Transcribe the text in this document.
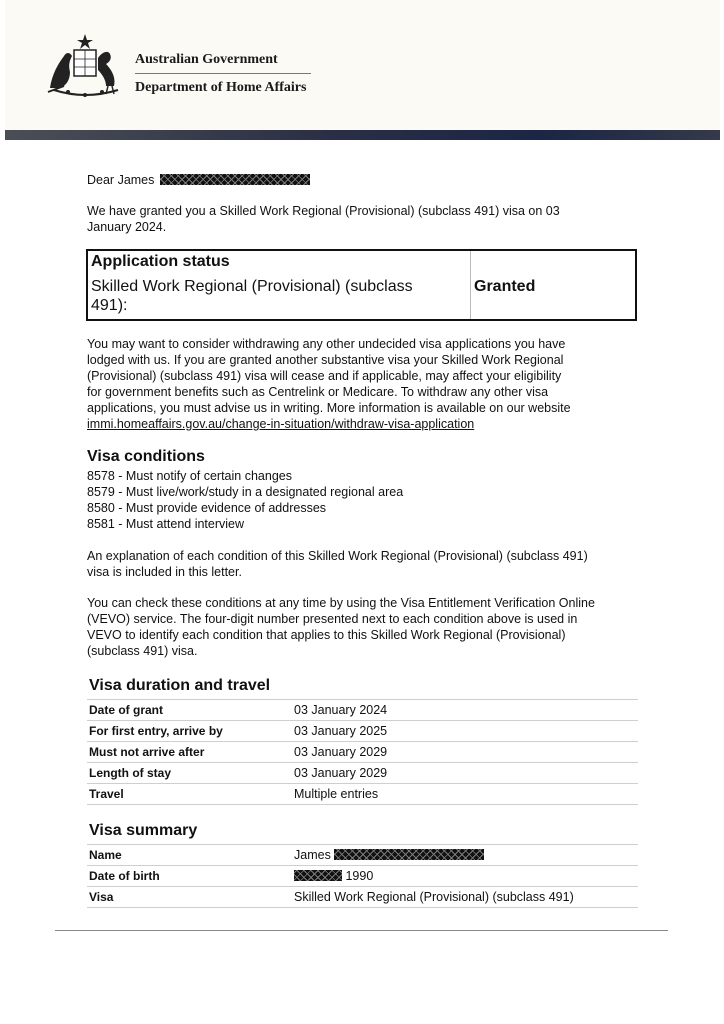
Australian Government
Department of Home Affairs
Dear James
We have granted you a Skilled Work Regional (Provisional) (subclass 491) visa on 03
January 2024.
Application status
Skilled Work Regional (Provisional) (subclass 491):
Granted
You may want to consider withdrawing any other undecided visa applications you have
lodged with us. If you are granted another substantive visa your Skilled Work Regional
(Provisional) (subclass 491) visa will cease and if applicable, may affect your eligibility
for government benefits such as Centrelink or Medicare. To withdraw any other visa
applications, you must advise us in writing. More information is available on our website
immi.homeaffairs.gov.au/change-in-situation/withdraw-visa-application
Visa conditions
8578 - Must notify of certain changes
8579 - Must live/work/study in a designated regional area
8580 - Must provide evidence of addresses
8581 - Must attend interview
An explanation of each condition of this Skilled Work Regional (Provisional) (subclass 491)
visa is included in this letter.
You can check these conditions at any time by using the Visa Entitlement Verification Online
(VEVO) service. The four-digit number presented next to each condition above is used in
VEVO to identify each condition that applies to this Skilled Work Regional (Provisional)
(subclass 491) visa.
Visa duration and travel
Date of grant	03 January 2024
For first entry, arrive by	03 January 2025
Must not arrive after	03 January 2029
Length of stay	03 January 2029
Travel	Multiple entries
Visa summary
Name	James
Date of birth	1990
Visa	Skilled Work Regional (Provisional) (subclass 491)
